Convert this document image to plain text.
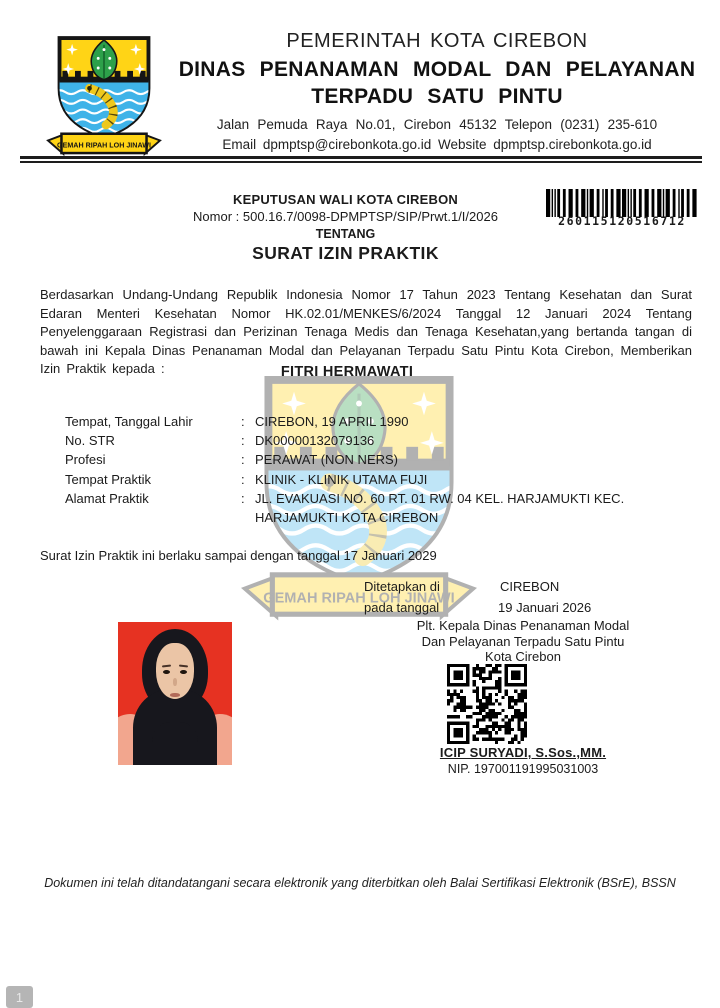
PEMERINTAH KOTA CIREBON
DINAS PENANAMAN MODAL DAN PELAYANAN
TERPADU SATU PINTU
Jalan Pemuda Raya No.01, Cirebon 45132 Telepon (0231) 235-610
Email dpmptsp@cirebonkota.go.id Website dpmptsp.cirebonkota.go.id
KEPUTUSAN WALI KOTA CIREBON
Nomor : 500.16.7/0098-DPMPTSP/SIP/Prwt.1/I/2026
TENTANG
SURAT IZIN PRAKTIK
260115120516712
Berdasarkan Undang-Undang Republik Indonesia Nomor 17 Tahun 2023 Tentang Kesehatan dan Surat Edaran Menteri Kesehatan Nomor HK.02.01/MENKES/6/2024 Tanggal 12 Januari 2024 Tentang Penyelenggaraan Registrasi dan Perizinan Tenaga Medis dan Tenaga Kesehatan,yang bertanda tangan di bawah ini Kepala Dinas Penanaman Modal dan Pelayanan Terpadu Satu Pintu Kota Cirebon, Memberikan Izin Praktik kepada :	FITRI HERMAWATI
Tempat, Tanggal Lahir	: CIREBON, 19 APRIL 1990
No. STR	: DK00000132079136
Profesi	: PERAWAT (NON NERS)
Tempat Praktik	: KLINIK - KLINIK UTAMA FUJI
Alamat Praktik	: JL. EVAKUASI NO. 60 RT. 01 RW. 04 KEL. HARJAMUKTI KEC. HARJAMUKTI KOTA CIREBON
Surat Izin Praktik ini berlaku sampai dengan tanggal 17 Januari 2029
Ditetapkan di	CIREBON
pada tanggal	19 Januari 2026
Plt. Kepala Dinas Penanaman Modal
Dan Pelayanan Terpadu Satu Pintu
Kota Cirebon
ICIP SURYADI, S.Sos.,MM.
NIP. 197001191995031003
Dokumen ini telah ditandatangani secara elektronik yang diterbitkan oleh Balai Sertifikasi Elektronik (BSrE), BSSN
1
